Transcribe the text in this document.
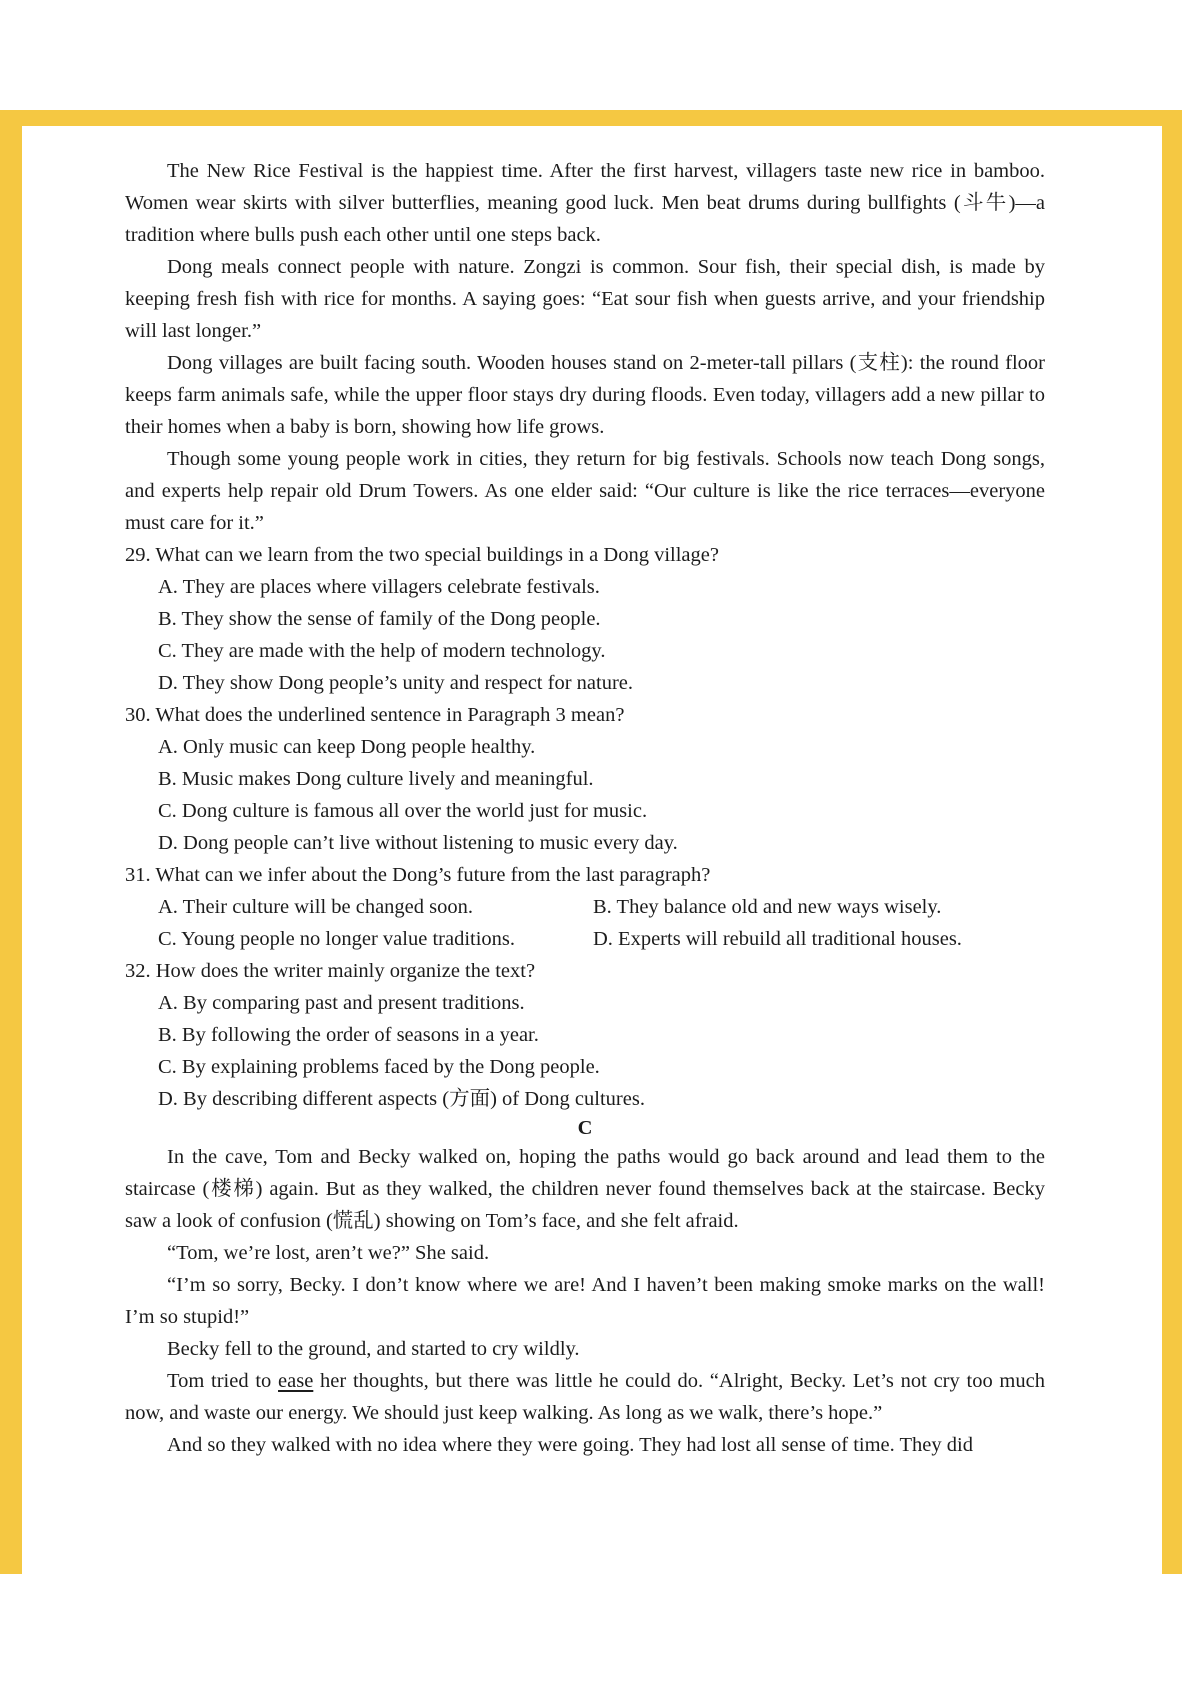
The New Rice Festival is the happiest time. After the first harvest, villagers taste new rice in bamboo. Women wear skirts with silver butterflies, meaning good luck. Men beat drums during bullfights (斗牛)—a tradition where bulls push each other until one steps back.

Dong meals connect people with nature. Zongzi is common. Sour fish, their special dish, is made by keeping fresh fish with rice for months. A saying goes: “Eat sour fish when guests arrive, and your friendship will last longer.”

Dong villages are built facing south. Wooden houses stand on 2-meter-tall pillars (支柱): the round floor keeps farm animals safe, while the upper floor stays dry during floods. Even today, villagers add a new pillar to their homes when a baby is born, showing how life grows.

Though some young people work in cities, they return for big festivals. Schools now teach Dong songs, and experts help repair old Drum Towers. As one elder said: “Our culture is like the rice terraces—everyone must care for it.”

29. What can we learn from the two special buildings in a Dong village?

A. They are places where villagers celebrate festivals.

B. They show the sense of family of the Dong people.

C. They are made with the help of modern technology.

D. They show Dong people’s unity and respect for nature.

30. What does the underlined sentence in Paragraph 3 mean?

A. Only music can keep Dong people healthy.

B. Music makes Dong culture lively and meaningful.

C. Dong culture is famous all over the world just for music.

D. Dong people can’t live without listening to music every day.

31. What can we infer about the Dong’s future from the last paragraph?

A. Their culture will be changed soon.	B. They balance old and new ways wisely.
C. Young people no longer value traditions.	D. Experts will rebuild all traditional houses.

32. How does the writer mainly organize the text?

A. By comparing past and present traditions.

B. By following the order of seasons in a year.

C. By explaining problems faced by the Dong people.

D. By describing different aspects (方面) of Dong cultures.

C

In the cave, Tom and Becky walked on, hoping the paths would go back around and lead them to the staircase (楼梯) again. But as they walked, the children never found themselves back at the staircase. Becky saw a look of confusion (慌乱) showing on Tom’s face, and she felt afraid.

“Tom, we’re lost, aren’t we?” She said.

“I’m so sorry, Becky. I don’t know where we are! And I haven’t been making smoke marks on the wall! I’m so stupid!”

Becky fell to the ground, and started to cry wildly.

Tom tried to ease her thoughts, but there was little he could do. “Alright, Becky. Let’s not cry too much now, and waste our energy. We should just keep walking. As long as we walk, there’s hope.”

And so they walked with no idea where they were going. They had lost all sense of time. They did
